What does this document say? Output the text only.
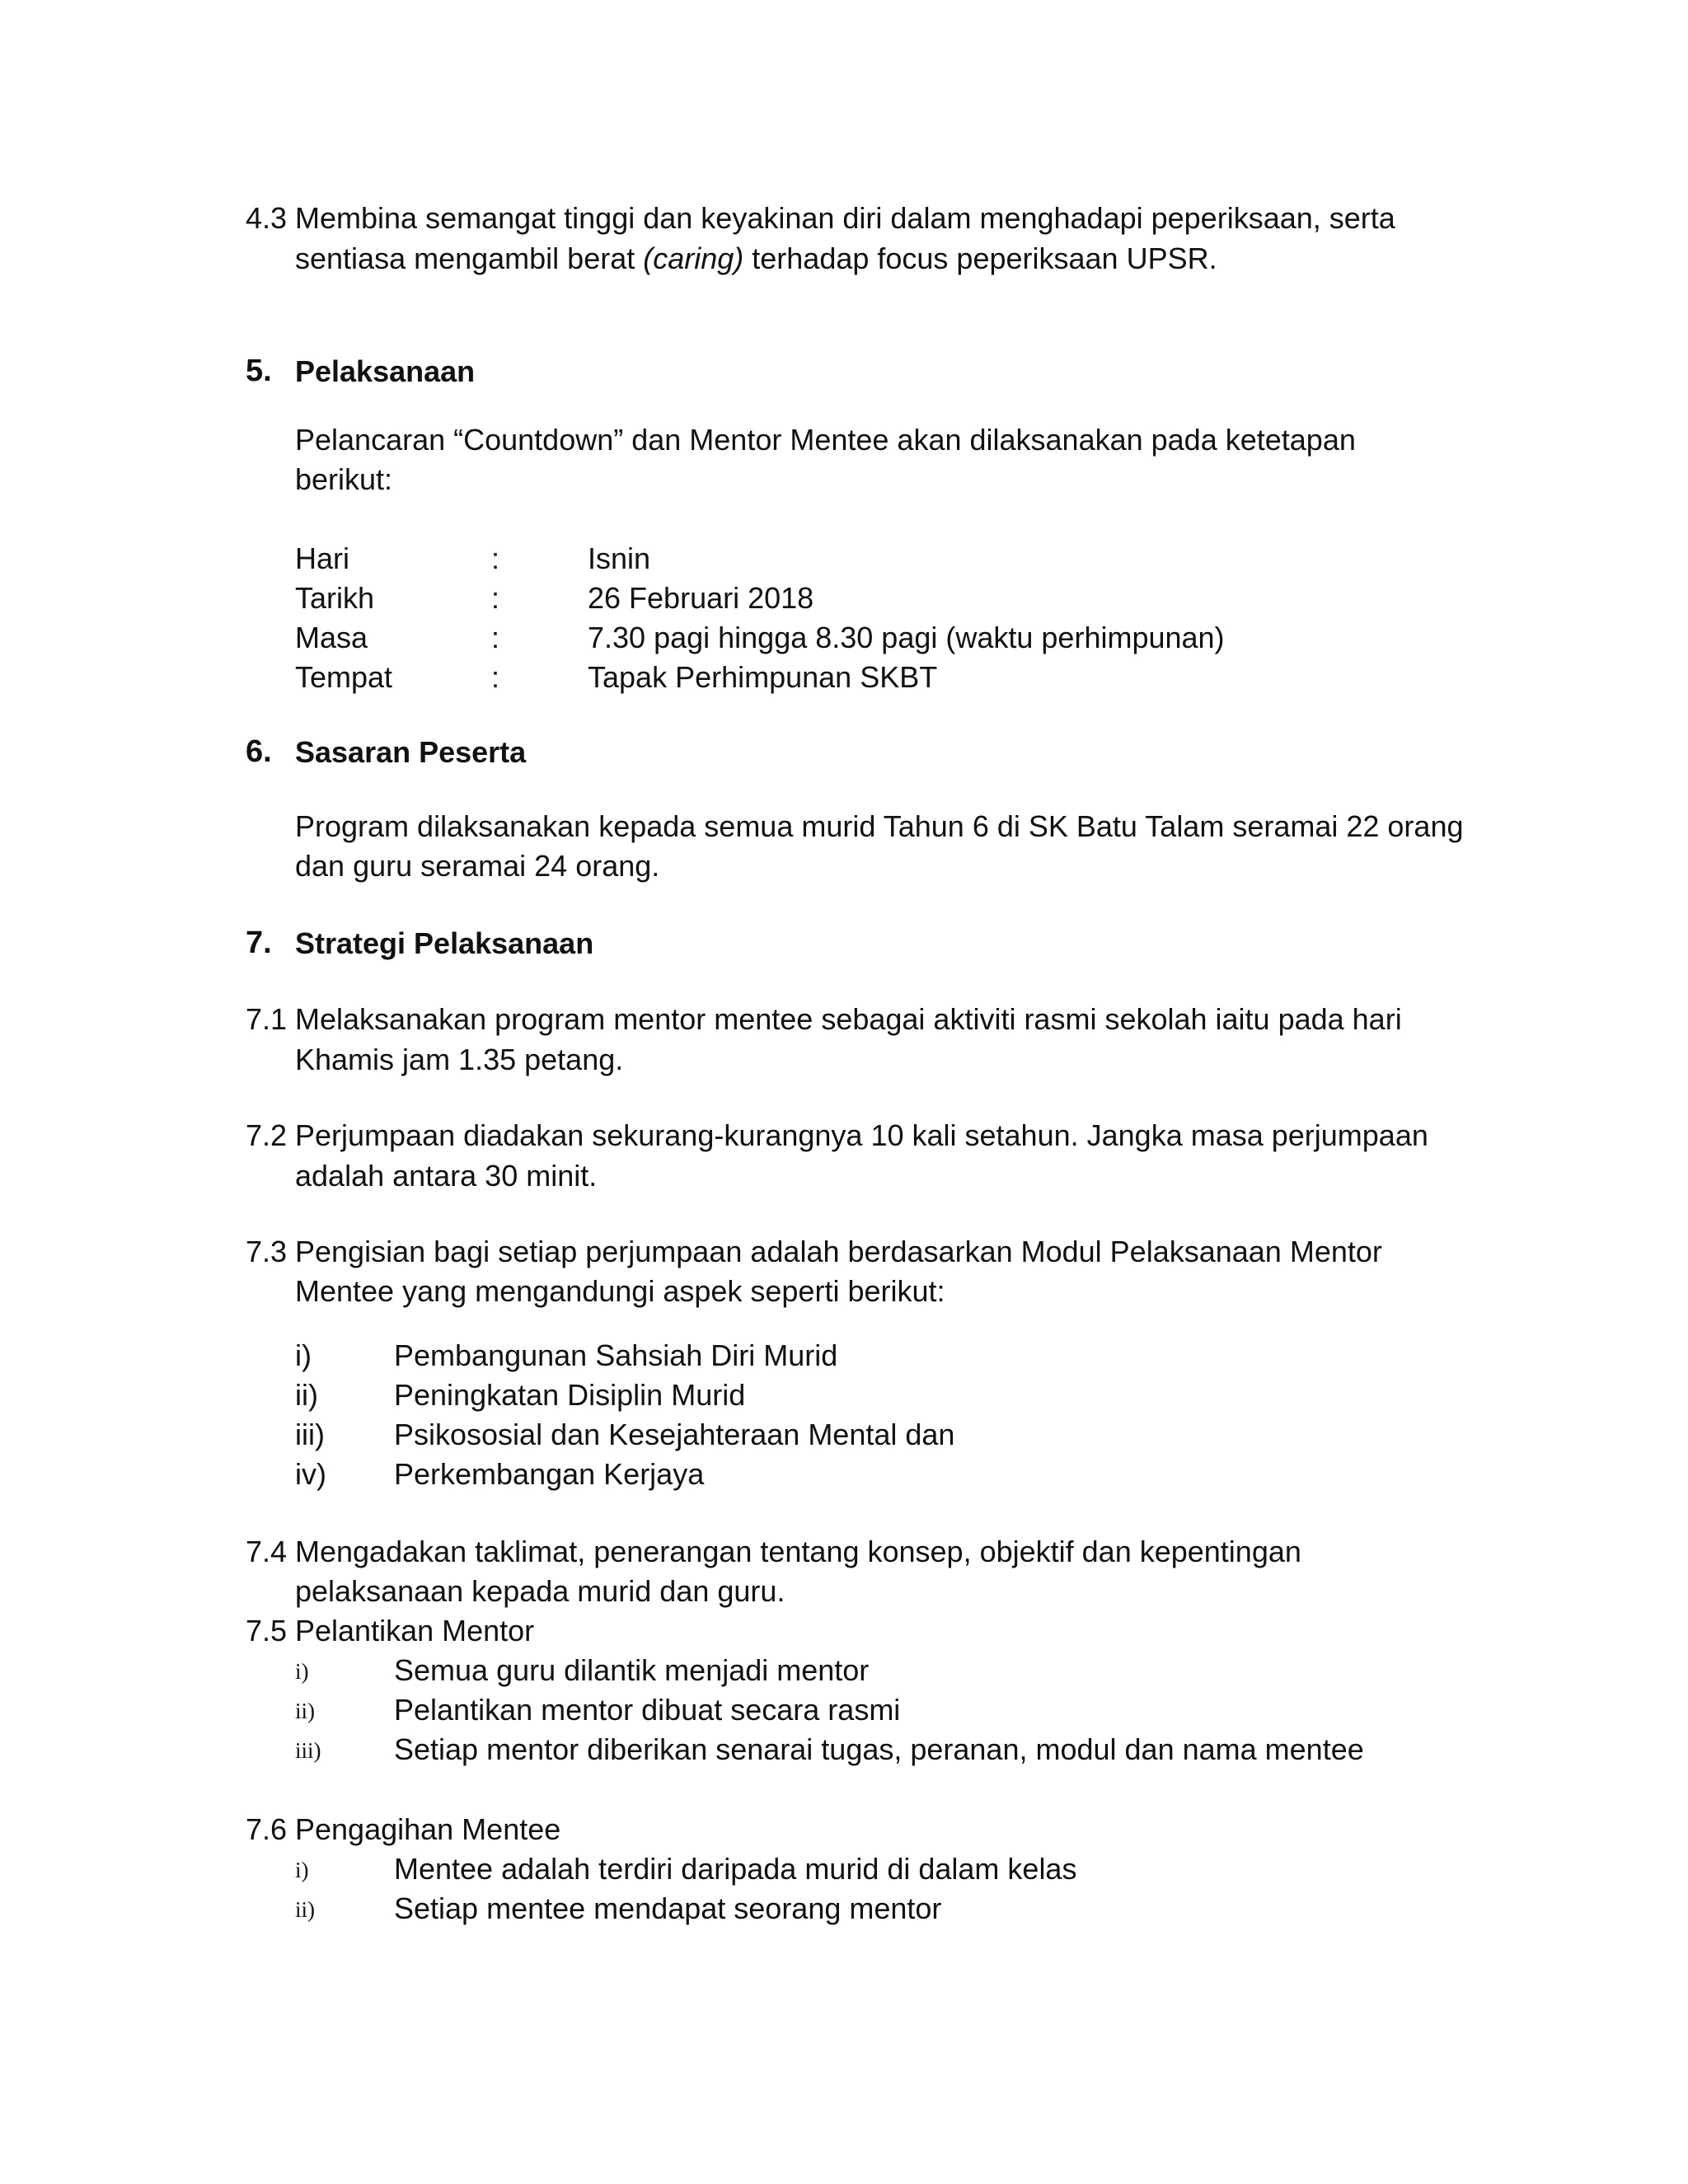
4.3 Membina semangat tinggi dan keyakinan diri dalam menghadapi peperiksaan, serta
sentiasa mengambil berat (caring) terhadap focus peperiksaan UPSR.
5. Pelaksanaan
Pelancaran “Countdown” dan Mentor Mentee akan dilaksanakan pada ketetapan
berikut:
Hari	:	Isnin
Tarikh	:	26 Februari 2018
Masa	:	7.30 pagi hingga 8.30 pagi (waktu perhimpunan)
Tempat	:	Tapak Perhimpunan SKBT
6. Sasaran Peserta
Program dilaksanakan kepada semua murid Tahun 6 di SK Batu Talam seramai 22 orang
dan guru seramai 24 orang.
7. Strategi Pelaksanaan
7.1 Melaksanakan program mentor mentee sebagai aktiviti rasmi sekolah iaitu pada hari
Khamis jam 1.35 petang.
7.2 Perjumpaan diadakan sekurang-kurangnya 10 kali setahun. Jangka masa perjumpaan
adalah antara 30 minit.
7.3 Pengisian bagi setiap perjumpaan adalah berdasarkan Modul Pelaksanaan Mentor
Mentee yang mengandungi aspek seperti berikut:
i)	Pembangunan Sahsiah Diri Murid
ii)	Peningkatan Disiplin Murid
iii) Psikososial dan Kesejahteraan Mental dan
iv) Perkembangan Kerjaya
7.4 Mengadakan taklimat, penerangan tentang konsep, objektif dan kepentingan
pelaksanaan kepada murid dan guru.
7.5 Pelantikan Mentor
i)	Semua guru dilantik menjadi mentor
ii)	Pelantikan mentor dibuat secara rasmi
iii) Setiap mentor diberikan senarai tugas, peranan, modul dan nama mentee
7.6 Pengagihan Mentee
i)	Mentee adalah terdiri daripada murid di dalam kelas
ii)	Setiap mentee mendapat seorang mentor
